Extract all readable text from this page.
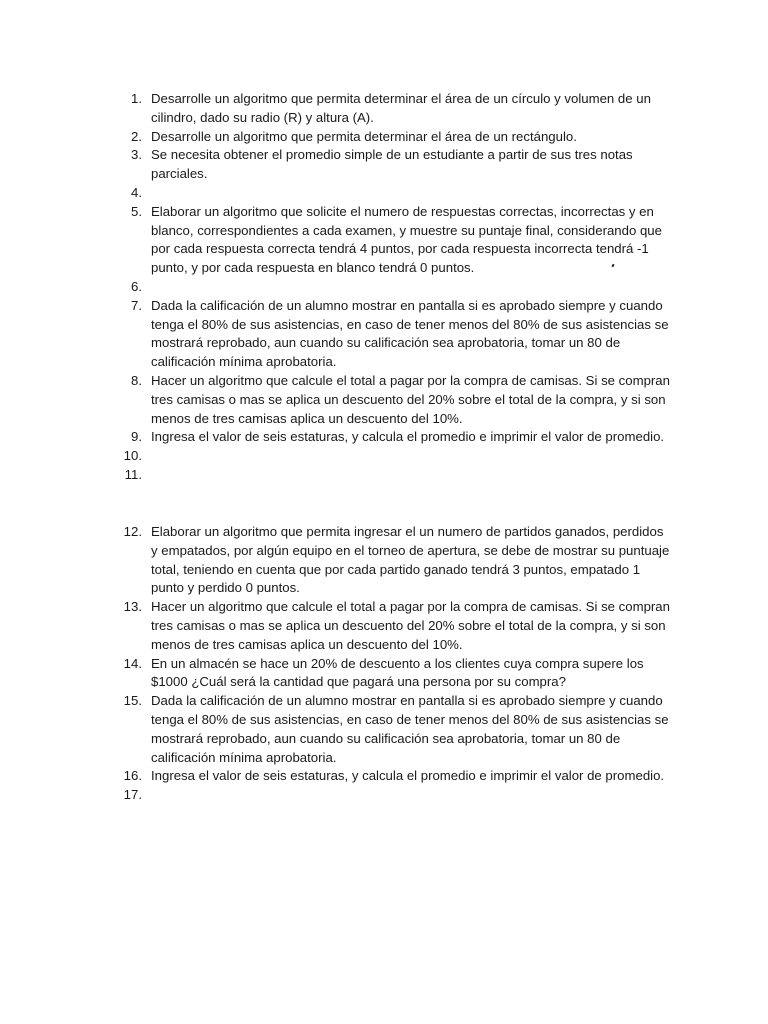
1. Desarrolle un algoritmo que permita determinar el área de un círculo y volumen de un cilindro, dado su radio (R) y altura (A).
2. Desarrolle un algoritmo que permita determinar el área de un rectángulo.
3. Se necesita obtener el promedio simple de un estudiante a partir de sus tres notas parciales.
4.
5. Elaborar un algoritmo que solicite el numero de respuestas correctas, incorrectas y en blanco, correspondientes a cada examen, y muestre su puntaje final, considerando que por cada respuesta correcta tendrá 4 puntos, por cada respuesta incorrecta tendrá -1 punto, y por cada respuesta en blanco tendrá 0 puntos.
6.
7. Dada la calificación de un alumno mostrar en pantalla si es aprobado siempre y cuando tenga el 80% de sus asistencias, en caso de tener menos del 80% de sus asistencias se mostrará reprobado, aun cuando su calificación sea aprobatoria, tomar un 80 de calificación mínima aprobatoria.
8. Hacer un algoritmo que calcule el total a pagar por la compra de camisas. Si se compran tres camisas o mas se aplica un descuento del 20% sobre el total de la compra, y si son menos de tres camisas aplica un descuento del 10%.
9. Ingresa el valor de seis estaturas, y calcula el promedio e imprimir el valor de promedio.
10.
11.
12. Elaborar un algoritmo que permita ingresar el un numero de partidos ganados, perdidos y empatados, por algún equipo en el torneo de apertura, se debe de mostrar su puntuaje total, teniendo en cuenta que por cada partido ganado tendrá 3 puntos, empatado 1 punto y perdido 0 puntos.
13. Hacer un algoritmo que calcule el total a pagar por la compra de camisas. Si se compran tres camisas o mas se aplica un descuento del 20% sobre el total de la compra, y si son menos de tres camisas aplica un descuento del 10%.
14. En un almacén se hace un 20% de descuento a los clientes cuya compra supere los $1000 ¿Cuál será la cantidad que pagará una persona por su compra?
15. Dada la calificación de un alumno mostrar en pantalla si es aprobado siempre y cuando tenga el 80% de sus asistencias, en caso de tener menos del 80% de sus asistencias se mostrará reprobado, aun cuando su calificación sea aprobatoria, tomar un 80 de calificación mínima aprobatoria.
16. Ingresa el valor de seis estaturas, y calcula el promedio e imprimir el valor de promedio.
17.
